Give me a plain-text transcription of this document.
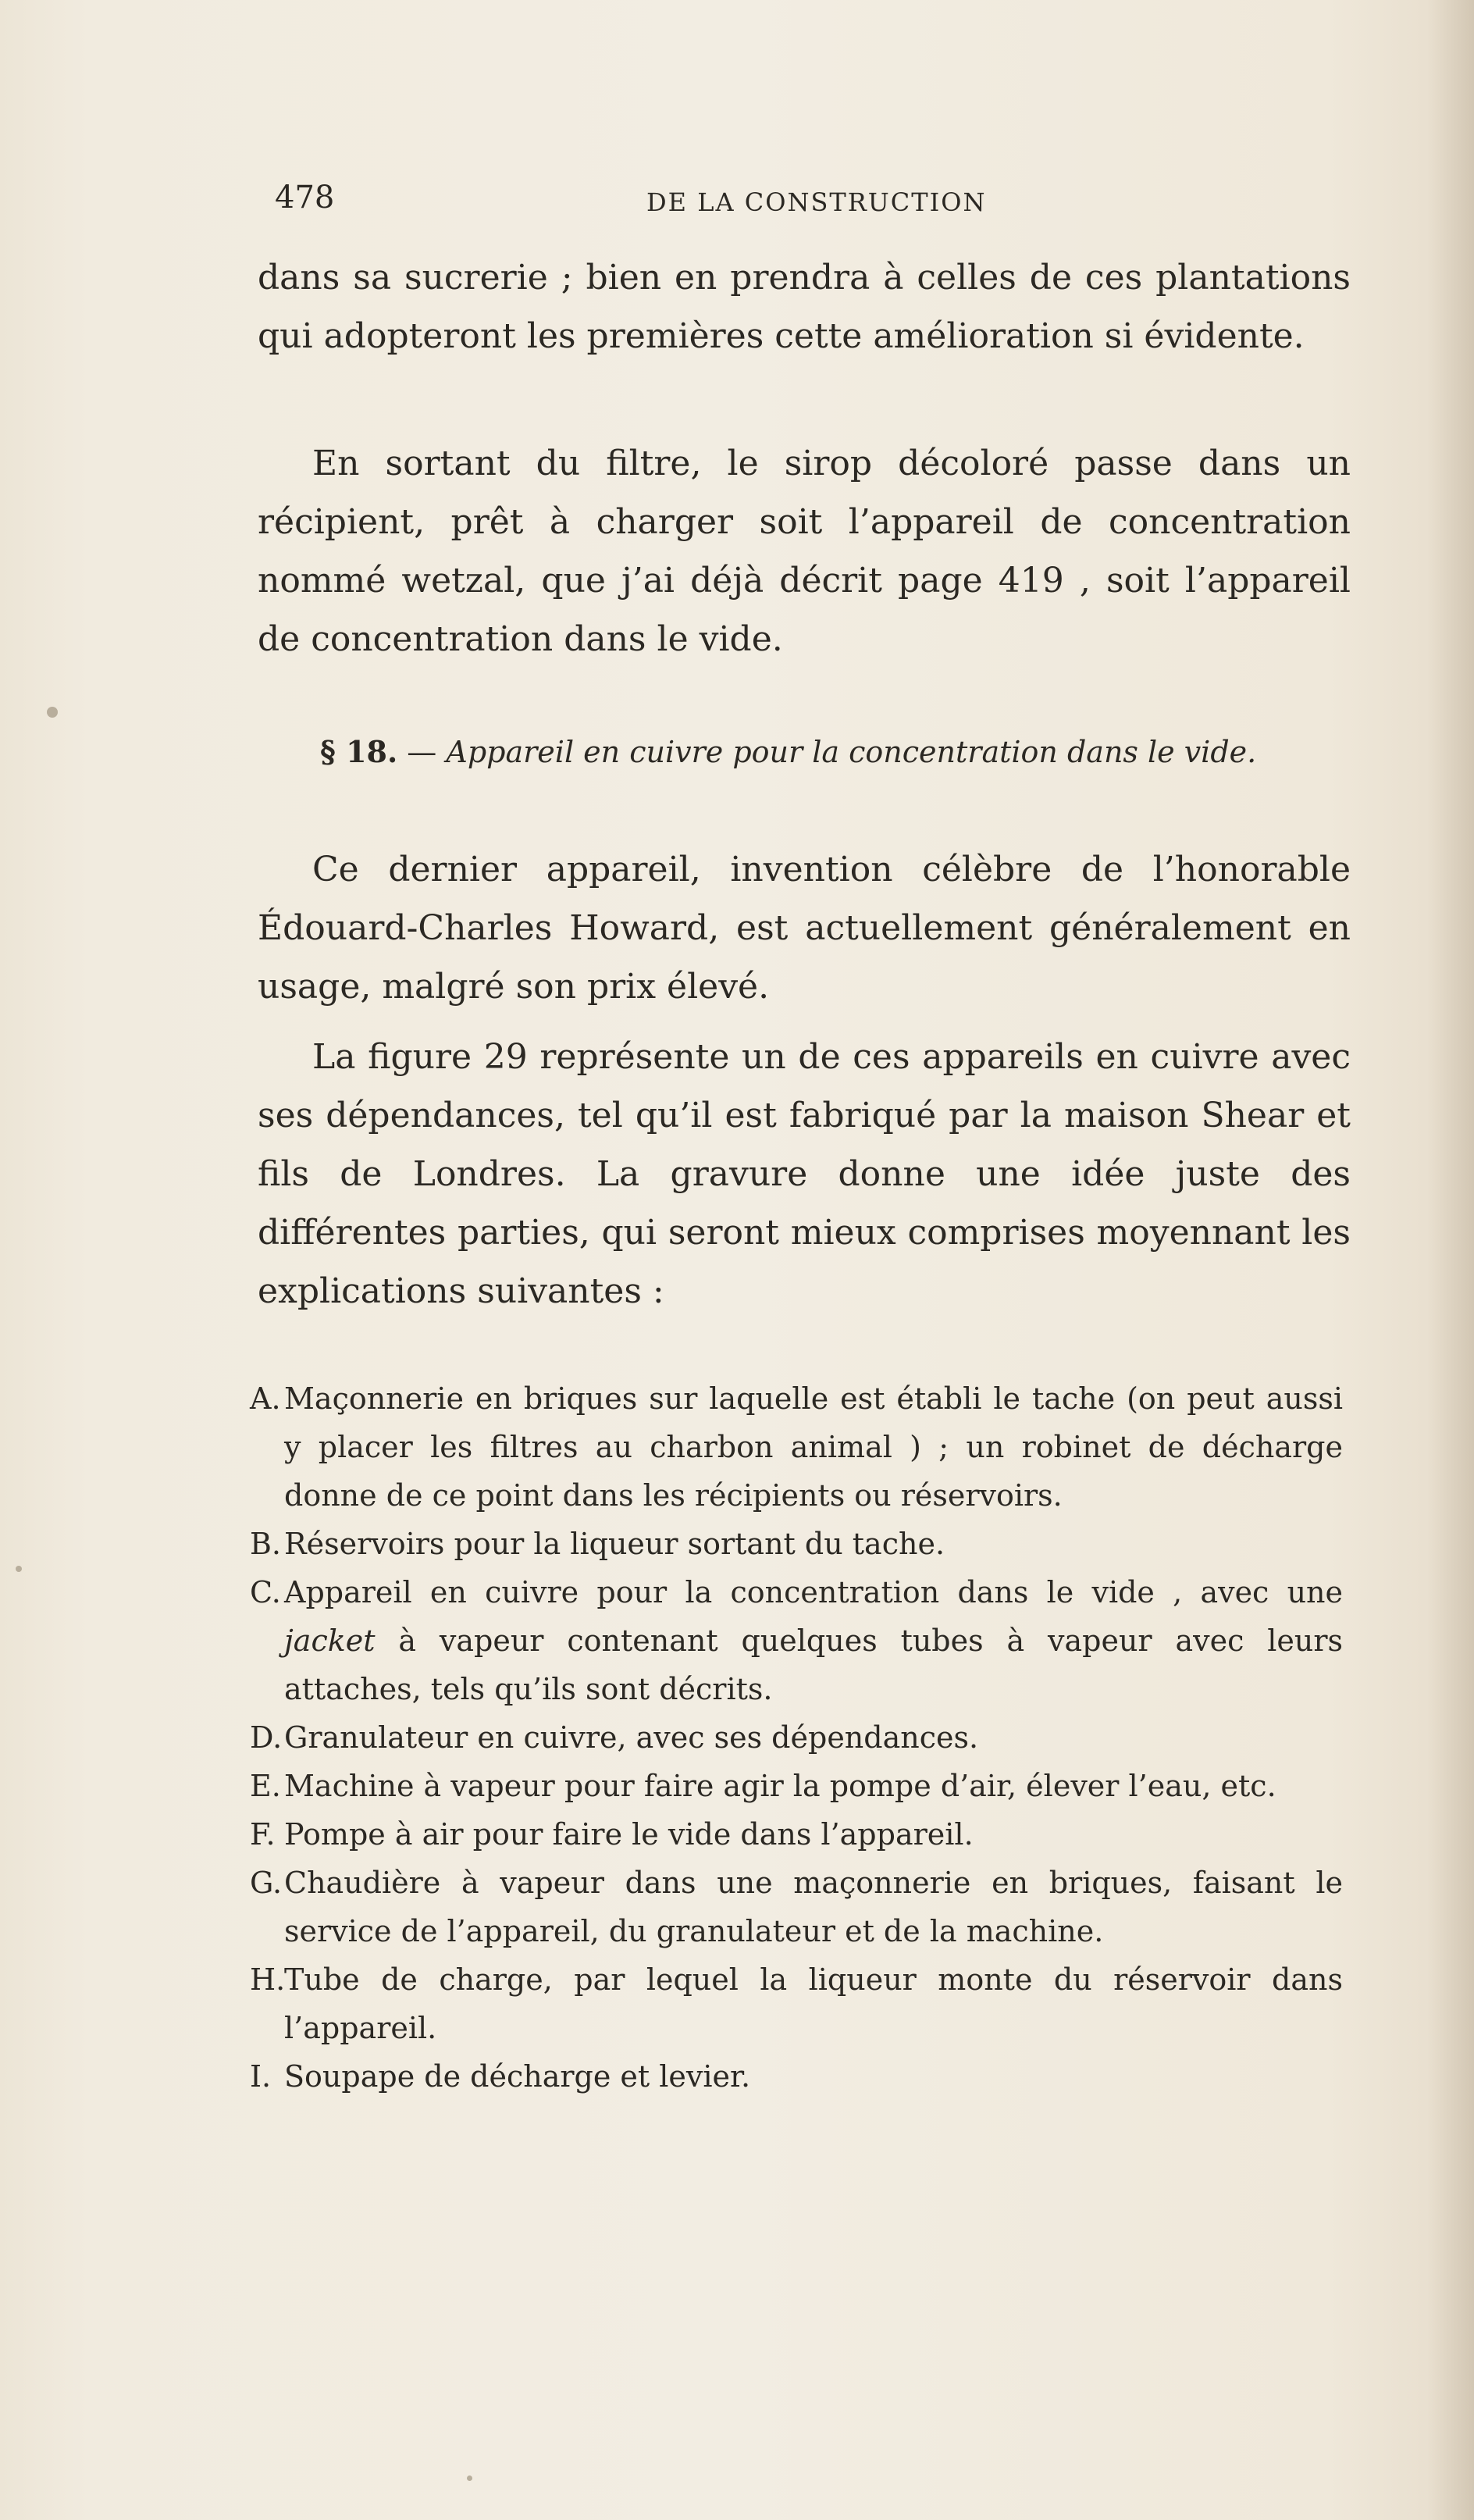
478	DE LA CONSTRUCTION

dans sa sucrerie ; bien en prendra à celles de ces plantations qui adopteront les premières cette amélioration si évidente.

En sortant du filtre, le sirop décoloré passe dans un récipient, prêt à charger soit l’appareil de concentration nommé wetzal, que j’ai déjà décrit page 419 , soit l’appareil de concentration dans le vide.

§ 18. — Appareil en cuivre pour la concentration dans le vide.

Ce dernier appareil, invention célèbre de l’honorable Édouard-Charles Howard, est actuellement généralement en usage, malgré son prix élevé.

La figure 29 représente un de ces appareils en cuivre avec ses dépendances, tel qu’il est fabriqué par la maison Shear et fils de Londres. La gravure donne une idée juste des différentes parties, qui seront mieux comprises moyennant les explications suivantes :

A. Maçonnerie en briques sur laquelle est établi le tache (on peut aussi y placer les filtres au charbon animal ) ; un robinet de décharge donne de ce point dans les récipients ou réservoirs.
B. Réservoirs pour la liqueur sortant du tache.
C. Appareil en cuivre pour la concentration dans le vide , avec une jacket à vapeur contenant quelques tubes à vapeur avec leurs attaches, tels qu’ils sont décrits.
D. Granulateur en cuivre, avec ses dépendances.
E. Machine à vapeur pour faire agir la pompe d’air, élever l’eau, etc.
F. Pompe à air pour faire le vide dans l’appareil.
G. Chaudière à vapeur dans une maçonnerie en briques, faisant le service de l’appareil, du granulateur et de la machine.
H.
Tube de charge, par lequel la liqueur monte du réservoir dans l’appareil.
I. Soupape de décharge et levier.
